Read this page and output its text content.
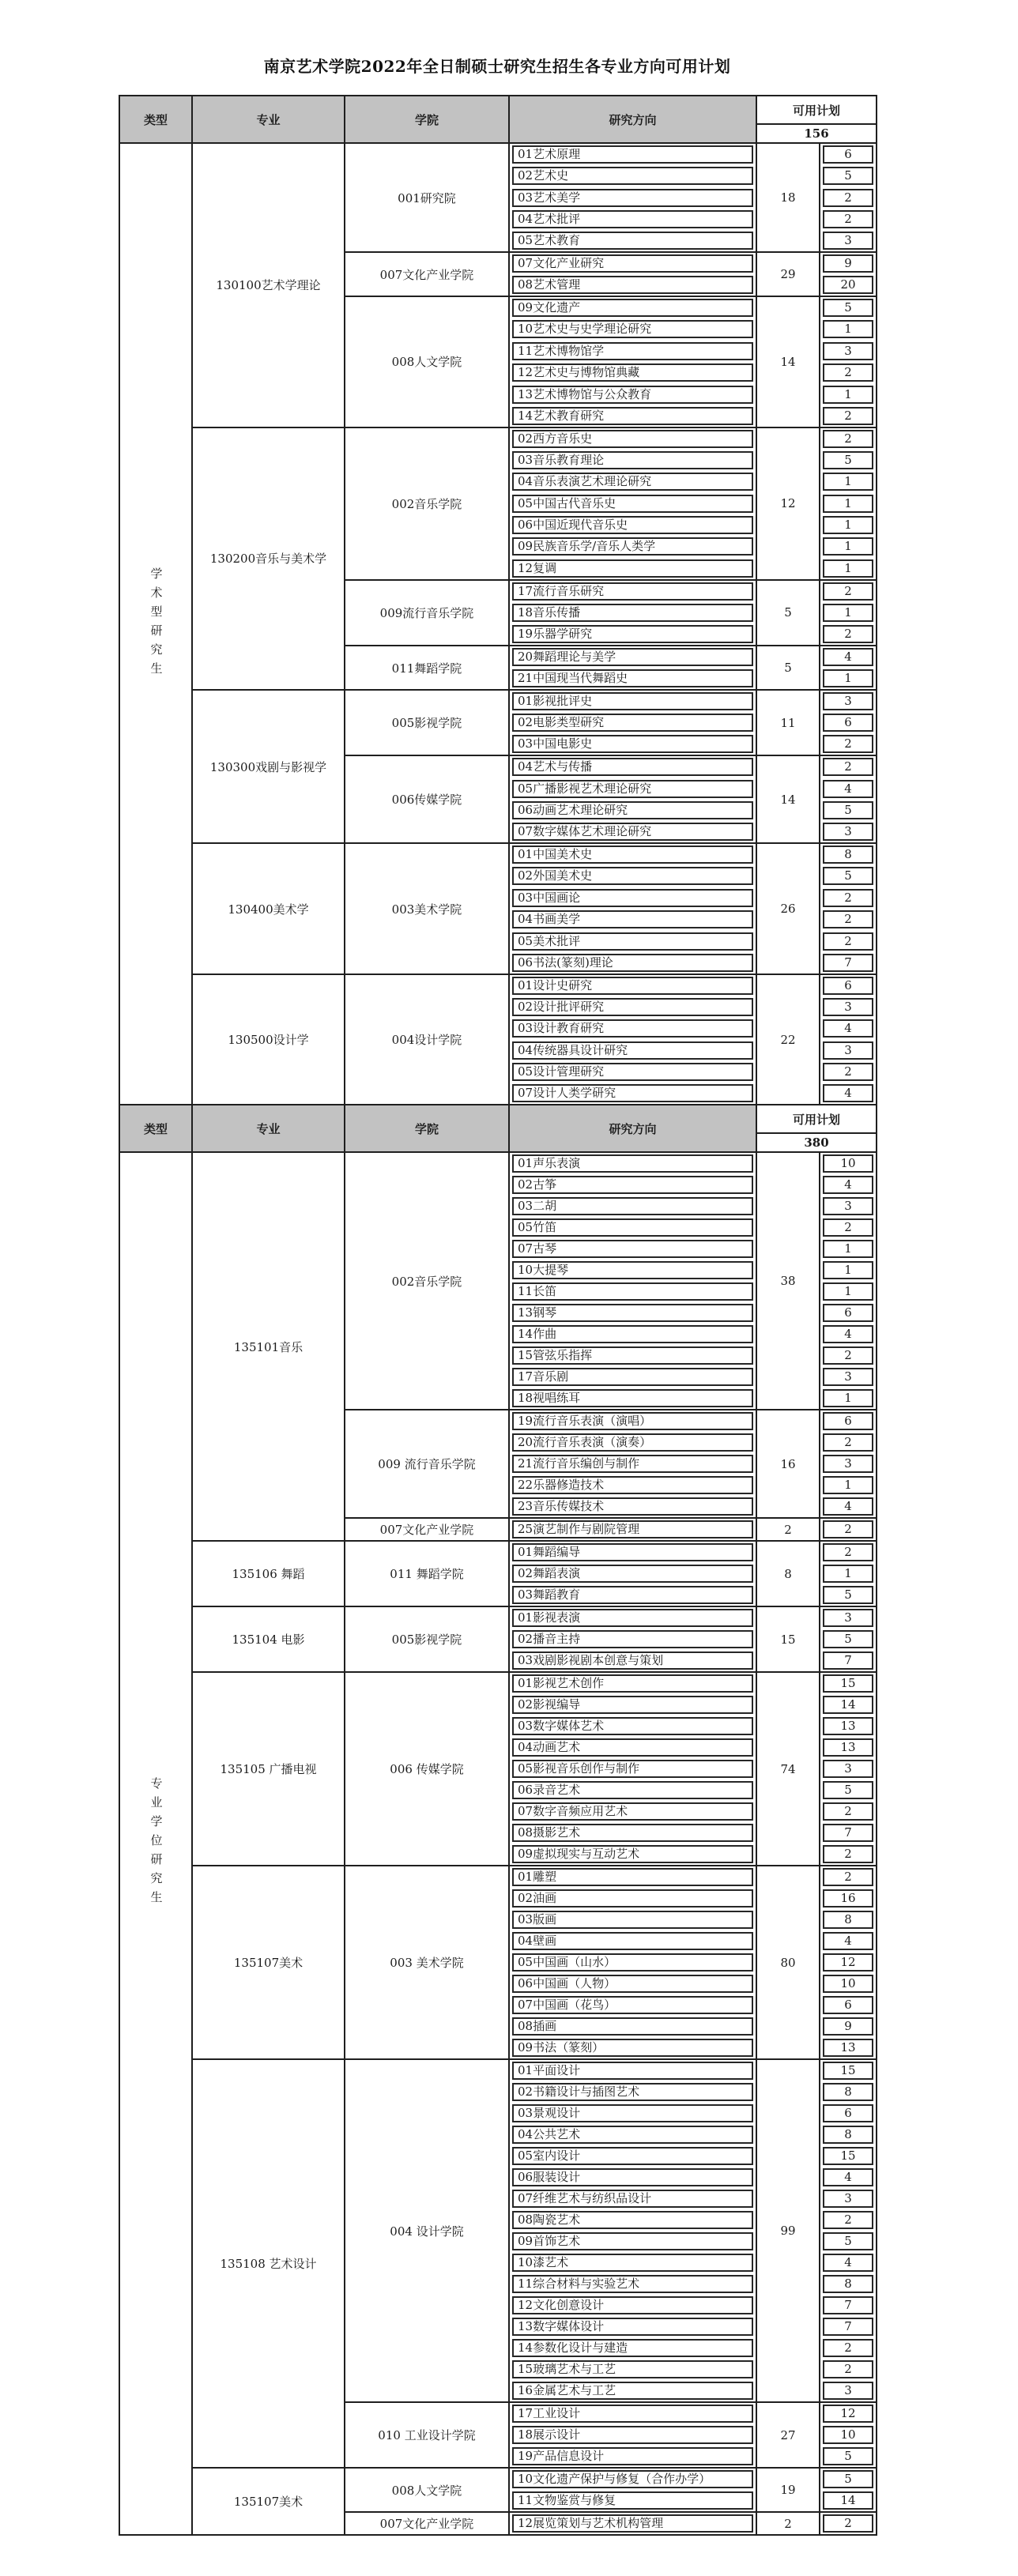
南京艺术学院2022年全日制硕士研究生招生各专业方向可用计划
类型	专业	学院	研究方向	可用计划	
				156	

学术型研究生	130100艺术学理论	001研究院	01艺术原理	18	6

			02艺术史		5

			03艺术美学		2

			04艺术批评		2

			05艺术教育		3

		007文化产业学院	07文化产业研究	29	9

			08艺术管理		20

		008人文学院	09文化遗产	14	5

			10艺术史与史学理论研究		1

			11艺术博物馆学		3

			12艺术史与博物馆典藏		2

			13艺术博物馆与公众教育		1

			14艺术教育研究		2

	130200音乐与美术学	002音乐学院	02西方音乐史	12	2

			03音乐教育理论		5

			04音乐表演艺术理论研究		1

			05中国古代音乐史		1

			06中国近现代音乐史		1

			09民族音乐学/音乐人类学		1

			12复调		1

		009流行音乐学院	17流行音乐研究	5	2

			18音乐传播		1

			19乐器学研究		2

		011舞蹈学院	20舞蹈理论与美学	5	4

			21中国现当代舞蹈史		1

	130300戏剧与影视学	005影视学院	01影视批评史	11	3

			02电影类型研究		6

			03中国电影史		2

		006传媒学院	04艺术与传播	14	2

			05广播影视艺术理论研究		4

			06动画艺术理论研究		5

			07数字媒体艺术理论研究		3

	130400美术学	003美术学院	01中国美术史	26	8

			02外国美术史		5

			03中国画论		2

			04书画美学		2

			05美术批评		2

			06书法(篆刻)理论		7

	130500设计学	004设计学院	01设计史研究	22	6

			02设计批评研究		3

			03设计教育研究		4

			04传统器具设计研究		3

			05设计管理研究		2

			07设计人类学研究		4

类型	专业	学院	研究方向	可用计划	
				380	

专业学位研究生	135101音乐	002音乐学院	01声乐表演	38	10

			02古筝		4

			03二胡		3

			05竹笛		2

			07古琴		1

			10大提琴		1

			11长笛		1

			13钢琴		6

			14作曲		4

			15管弦乐指挥		2

			17音乐剧		3

			18视唱练耳		1

		009 流行音乐学院	19流行音乐表演（演唱）	16	6

			20流行音乐表演（演奏）		2

			21流行音乐编创与制作		3

			22乐器修造技术		1

			23音乐传媒技术		4

		007文化产业学院	25演艺制作与剧院管理	2	2

	135106 舞蹈	011 舞蹈学院	01舞蹈编导	8	2

			02舞蹈表演		1

			03舞蹈教育		5

	135104 电影	005影视学院	01影视表演	15	3

			02播音主持		5

			03戏剧影视剧本创意与策划		7

	135105 广播电视	006 传媒学院	01影视艺术创作	74	15

			02影视编导		14

			03数字媒体艺术		13

			04动画艺术		13

			05影视音乐创作与制作		3

			06录音艺术		5

			07数字音频应用艺术		2

			08摄影艺术		7

			09虚拟现实与互动艺术		2

	135107美术	003 美术学院	01雕塑	80	2

			02油画		16

			03版画		8

			04壁画		4

			05中国画（山水）		12

			06中国画（人物）		10

			07中国画（花鸟）		6

			08插画		9

			09书法（篆刻）		13

	135108 艺术设计	004 设计学院	01平面设计	99	15

			02书籍设计与插图艺术		8

			03景观设计		6

			04公共艺术		8

			05室内设计		15

			06服装设计		4

			07纤维艺术与纺织品设计		3

			08陶瓷艺术		2

			09首饰艺术		5

			10漆艺术		4

			11综合材料与实验艺术		8

			12文化创意设计		7

			13数字媒体设计		7

			14参数化设计与建造		2

			15玻璃艺术与工艺		2

			16金属艺术与工艺		3

		010 工业设计学院	17工业设计	27	12

			18展示设计		10

			19产品信息设计		5

	135107美术	008人文学院	10文化遗产保护与修复（合作办学）	19	5

			11文物鉴赏与修复		14

		007文化产业学院	12展览策划与艺术机构管理	2	2
